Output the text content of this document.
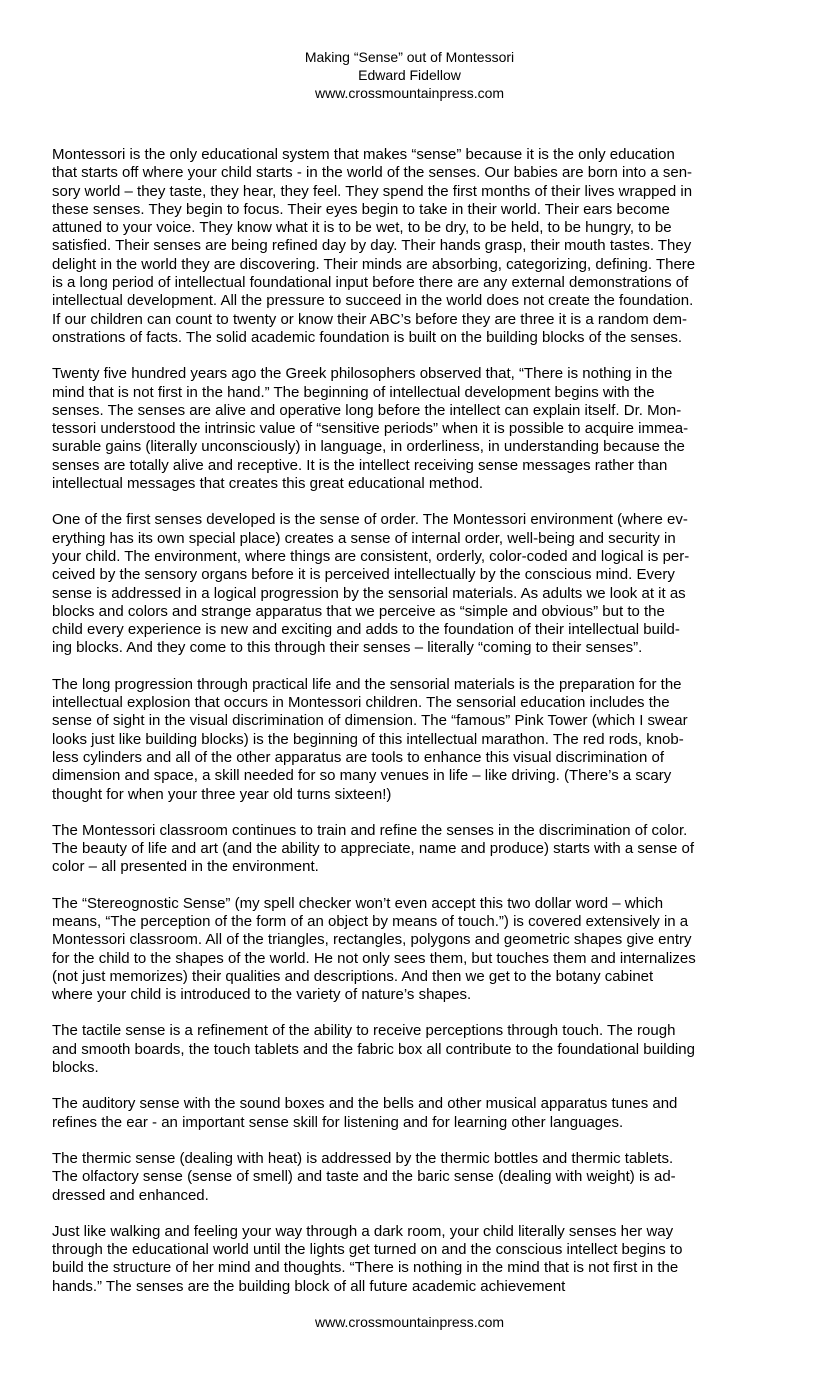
Making “Sense” out of Montessori
Edward Fidellow
www.crossmountainpress.com

Montessori is the only educational system that makes “sense” because it is the only education
that starts off where your child starts - in the world of the senses. Our babies are born into a sen-
sory world – they taste, they hear, they feel. They spend the first months of their lives wrapped in
these senses. They begin to focus. Their eyes begin to take in their world. Their ears become
attuned to your voice. They know what it is to be wet, to be dry, to be held, to be hungry, to be
satisfied. Their senses are being refined day by day. Their hands grasp, their mouth tastes. They
delight in the world they are discovering. Their minds are absorbing, categorizing, defining. There
is a long period of intellectual foundational input before there are any external demonstrations of
intellectual development. All the pressure to succeed in the world does not create the foundation.
If our children can count to twenty or know their ABC’s before they are three it is a random dem-
onstrations of facts. The solid academic foundation is built on the building blocks of the senses.

Twenty five hundred years ago the Greek philosophers observed that, “There is nothing in the
mind that is not first in the hand.” The beginning of intellectual development begins with the
senses. The senses are alive and operative long before the intellect can explain itself. Dr. Mon-
tessori understood the intrinsic value of “sensitive periods” when it is possible to acquire immea-
surable gains (literally unconsciously) in language, in orderliness, in understanding because the
senses are totally alive and receptive. It is the intellect receiving sense messages rather than
intellectual messages that creates this great educational method.

One of the first senses developed is the sense of order. The Montessori environment (where ev-
erything has its own special place) creates a sense of internal order, well-being and security in
your child. The environment, where things are consistent, orderly, color-coded and logical is per-
ceived by the sensory organs before it is perceived intellectually by the conscious mind. Every
sense is addressed in a logical progression by the sensorial materials. As adults we look at it as
blocks and colors and strange apparatus that we perceive as “simple and obvious” but to the
child every experience is new and exciting and adds to the foundation of their intellectual build-
ing blocks. And they come to this through their senses – literally “coming to their senses”.

The long progression through practical life and the sensorial materials is the preparation for the
intellectual explosion that occurs in Montessori children. The sensorial education includes the
sense of sight in the visual discrimination of dimension. The “famous” Pink Tower (which I swear
looks just like building blocks) is the beginning of this intellectual marathon. The red rods, knob-
less cylinders and all of the other apparatus are tools to enhance this visual discrimination of
dimension and space, a skill needed for so many venues in life – like driving. (There’s a scary
thought for when your three year old turns sixteen!)

The Montessori classroom continues to train and refine the senses in the discrimination of color.
The beauty of life and art (and the ability to appreciate, name and produce) starts with a sense of
color – all presented in the environment.

The “Stereognostic Sense” (my spell checker won’t even accept this two dollar word – which
means, “The perception of the form of an object by means of touch.”) is covered extensively in a
Montessori classroom. All of the triangles, rectangles, polygons and geometric shapes give entry
for the child to the shapes of the world. He not only sees them, but touches them and internalizes
(not just memorizes) their qualities and descriptions. And then we get to the botany cabinet
where your child is introduced to the variety of nature’s shapes.

The tactile sense is a refinement of the ability to receive perceptions through touch. The rough
and smooth boards, the touch tablets and the fabric box all contribute to the foundational building
blocks.

The auditory sense with the sound boxes and the bells and other musical apparatus tunes and
refines the ear - an important sense skill for listening and for learning other languages.

The thermic sense (dealing with heat) is addressed by the thermic bottles and thermic tablets.
The olfactory sense (sense of smell) and taste and the baric sense (dealing with weight) is ad-
dressed and enhanced.

Just like walking and feeling your way through a dark room, your child literally senses her way
through the educational world until the lights get turned on and the conscious intellect begins to
build the structure of her mind and thoughts. “There is nothing in the mind that is not first in the
hands.” The senses are the building block of all future academic achievement

www.crossmountainpress.com
